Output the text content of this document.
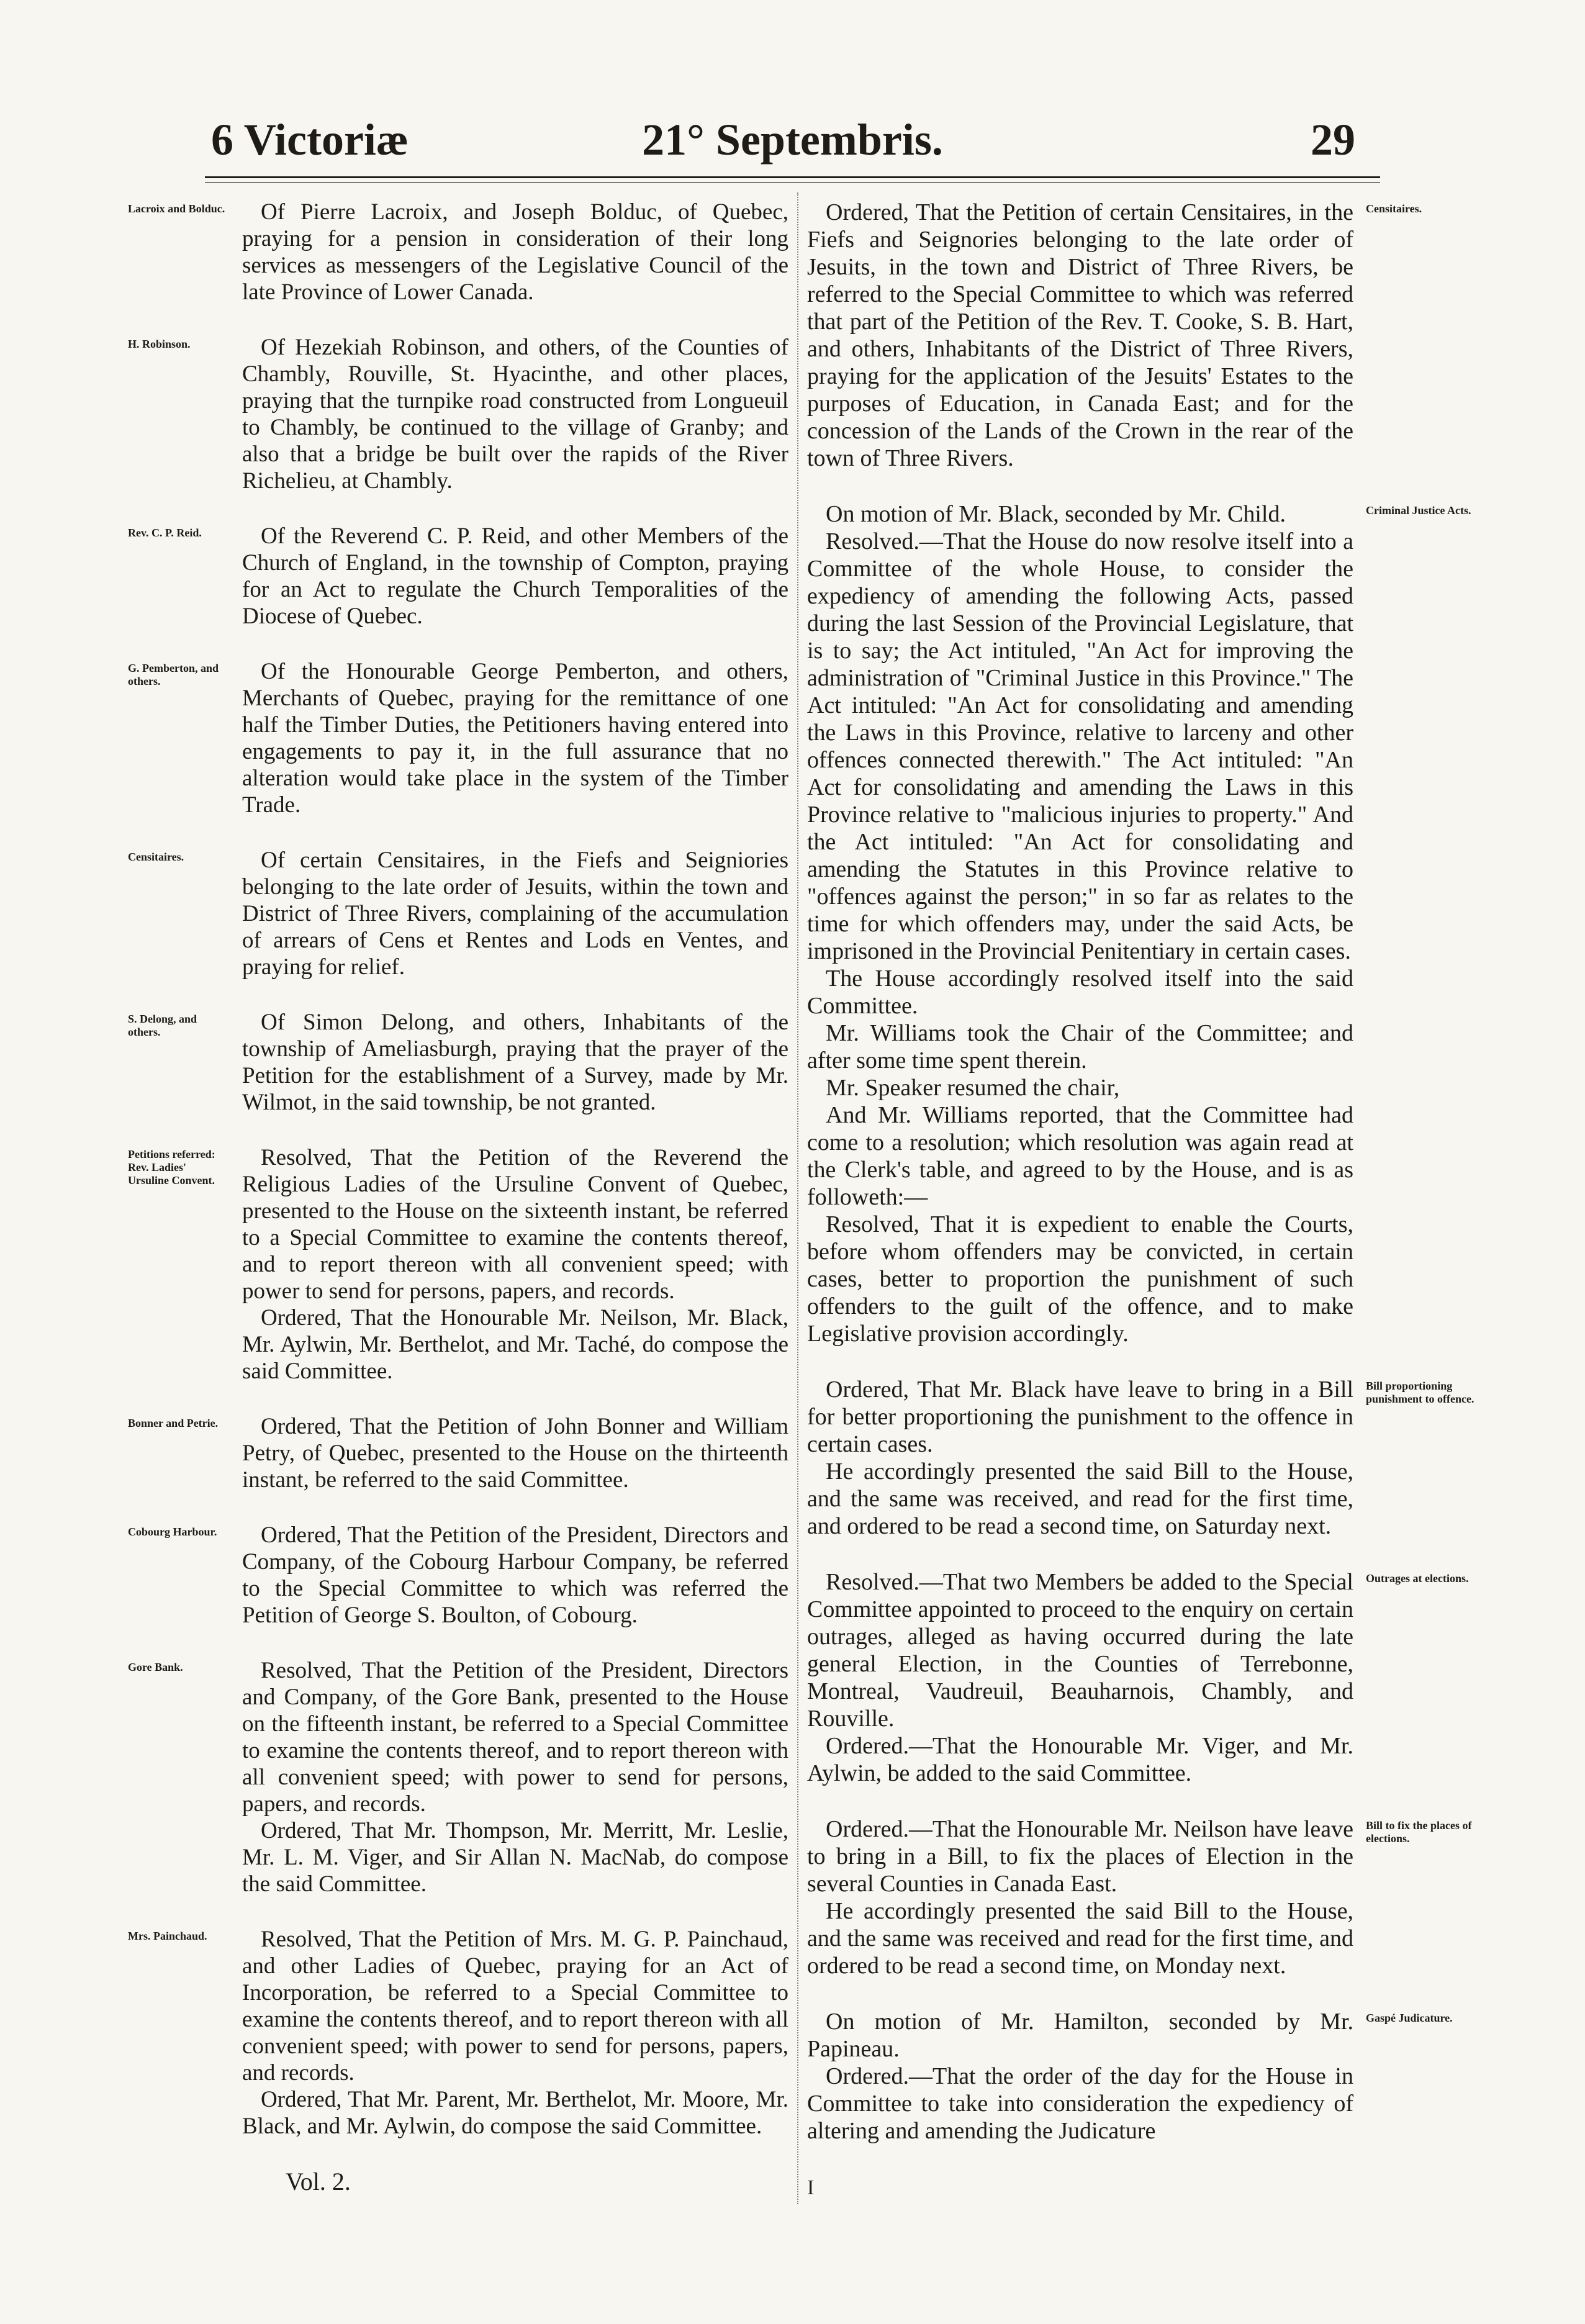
6 Victoriæ	21° Septembris.	29

Of Pierre Lacroix, and Joseph Bolduc, of Quebec, praying for a pension in consideration of their long services as messengers of the Legislative Council of the late Province of Lower Canada.

Of Hezekiah Robinson, and others, of the Counties of Chambly, Rouville, St. Hyacinthe, and other places, praying that the turnpike road constructed from Longueuil to Chambly, be continued to the village of Granby; and also that a bridge be built over the rapids of the River Richelieu, at Chambly.

Of the Reverend C. P. Reid, and other Members of the Church of England, in the township of Compton, praying for an Act to regulate the Church Temporalities of the Diocese of Quebec.

Of the Honourable George Pemberton, and others, Merchants of Quebec, praying for the remittance of one half the Timber Duties, the Petitioners having entered into engagements to pay it, in the full assurance that no alteration would take place in the system of the Timber Trade.

Of certain Censitaires, in the Fiefs and Seigniories belonging to the late order of Jesuits, within the town and District of Three Rivers, complaining of the accumulation of arrears of Cens et Rentes and Lods en Ventes, and praying for relief.

Of Simon Delong, and others, Inhabitants of the township of Ameliasburgh, praying that the prayer of the Petition for the establishment of a Survey, made by Mr. Wilmot, in the said township, be not granted.

Resolved, That the Petition of the Reverend the Religious Ladies of the Ursuline Convent of Quebec, presented to the House on the sixteenth instant, be referred to a Special Committee to examine the contents thereof, and to report thereon with all convenient speed; with power to send for persons, papers, and records.

Ordered, That the Honourable Mr. Neilson, Mr. Black, Mr. Aylwin, Mr. Berthelot, and Mr. Taché, do compose the said Committee.

Ordered, That the Petition of John Bonner and William Petry, of Quebec, presented to the House on the thirteenth instant, be referred to the said Committee.

Ordered, That the Petition of the President, Directors and Company, of the Cobourg Harbour Company, be referred to the Special Committee to which was referred the Petition of George S. Boulton, of Cobourg.

Resolved, That the Petition of the President, Directors and Company, of the Gore Bank, presented to the House on the fifteenth instant, be referred to a Special Committee to examine the contents thereof, and to report thereon with all convenient speed; with power to send for persons, papers, and records.

Ordered, That Mr. Thompson, Mr. Merritt, Mr. Leslie, Mr. L. M. Viger, and Sir Allan N. MacNab, do compose the said Committee.

Resolved, That the Petition of Mrs. M. G. P. Painchaud, and other Ladies of Quebec, praying for an Act of Incorporation, be referred to a Special Committee to examine the contents thereof, and to report thereon with all convenient speed; with power to send for persons, papers, and records.

Ordered, That Mr. Parent, Mr. Berthelot, Mr. Moore, Mr. Black, and Mr. Aylwin, do compose the said Committee.

Vol. 2.

Ordered, That the Petition of certain Censitaires, in the Fiefs and Seignories belonging to the late order of Jesuits, in the town and District of Three Rivers, be referred to the Special Committee to which was referred that part of the Petition of the Rev. T. Cooke, S. B. Hart, and others, Inhabitants of the District of Three Rivers, praying for the application of the Jesuits' Estates to the purposes of Education, in Canada East; and for the concession of the Lands of the Crown in the rear of the town of Three Rivers.

On motion of Mr. Black, seconded by Mr. Child.

Resolved.—That the House do now resolve itself into a Committee of the whole House, to consider the expediency of amending the following Acts, passed during the last Session of the Provincial Legislature, that is to say; the Act intituled, "An Act for improving the administration of "Criminal Justice in this Province." The Act intituled: "An Act for consolidating and amending the Laws in this Province, relative to larceny and other offences connected therewith." The Act intituled: "An Act for consolidating and amending the Laws in this Province relative to "malicious injuries to property." And the Act intituled: "An Act for consolidating and amending the Statutes in this Province relative to "offences against the person;" in so far as relates to the time for which offenders may, under the said Acts, be imprisoned in the Provincial Penitentiary in certain cases.

The House accordingly resolved itself into the said Committee.

Mr. Williams took the Chair of the Committee; and after some time spent therein.

Mr. Speaker resumed the chair,

And Mr. Williams reported, that the Committee had come to a resolution; which resolution was again read at the Clerk's table, and agreed to by the House, and is as followeth:—

Resolved, That it is expedient to enable the Courts, before whom offenders may be convicted, in certain cases, better to proportion the punishment of such offenders to the guilt of the offence, and to make Legislative provision accordingly.

Ordered, That Mr. Black have leave to bring in a Bill for better proportioning the punishment to the offence in certain cases.

He accordingly presented the said Bill to the House, and the same was received, and read for the first time, and ordered to be read a second time, on Saturday next.

Resolved.—That two Members be added to the Special Committee appointed to proceed to the enquiry on certain outrages, alleged as having occurred during the late general Election, in the Counties of Terrebonne, Montreal, Vaudreuil, Beauharnois, Chambly, and Rouville.

Ordered.—That the Honourable Mr. Viger, and Mr. Aylwin, be added to the said Committee.

Ordered.—That the Honourable Mr. Neilson have leave to bring in a Bill, to fix the places of Election in the several Counties in Canada East.

He accordingly presented the said Bill to the House, and the same was received and read for the first time, and ordered to be read a second time, on Monday next.

On motion of Mr. Hamilton, seconded by Mr. Papineau.

Ordered.—That the order of the day for the House in Committee to take into consideration the expediency of altering and amending the Judicature

I
Lacroix and Bolduc.
H. Robinson.
Rev. C. P. Reid.
G. Pemberton, and others.
Censitaires.
S. Delong, and others.
Petitions referred: Rev. Ladies' Ursuline Convent.
Bonner and Petrie.
Cobourg Harbour.
Gore Bank.
Mrs. Painchaud.
Censitaires.
Criminal Justice Acts.
Bill proportioning punishment to offence.
Outrages at elections.
Bill to fix the places of elections.
Gaspé Judicature.
